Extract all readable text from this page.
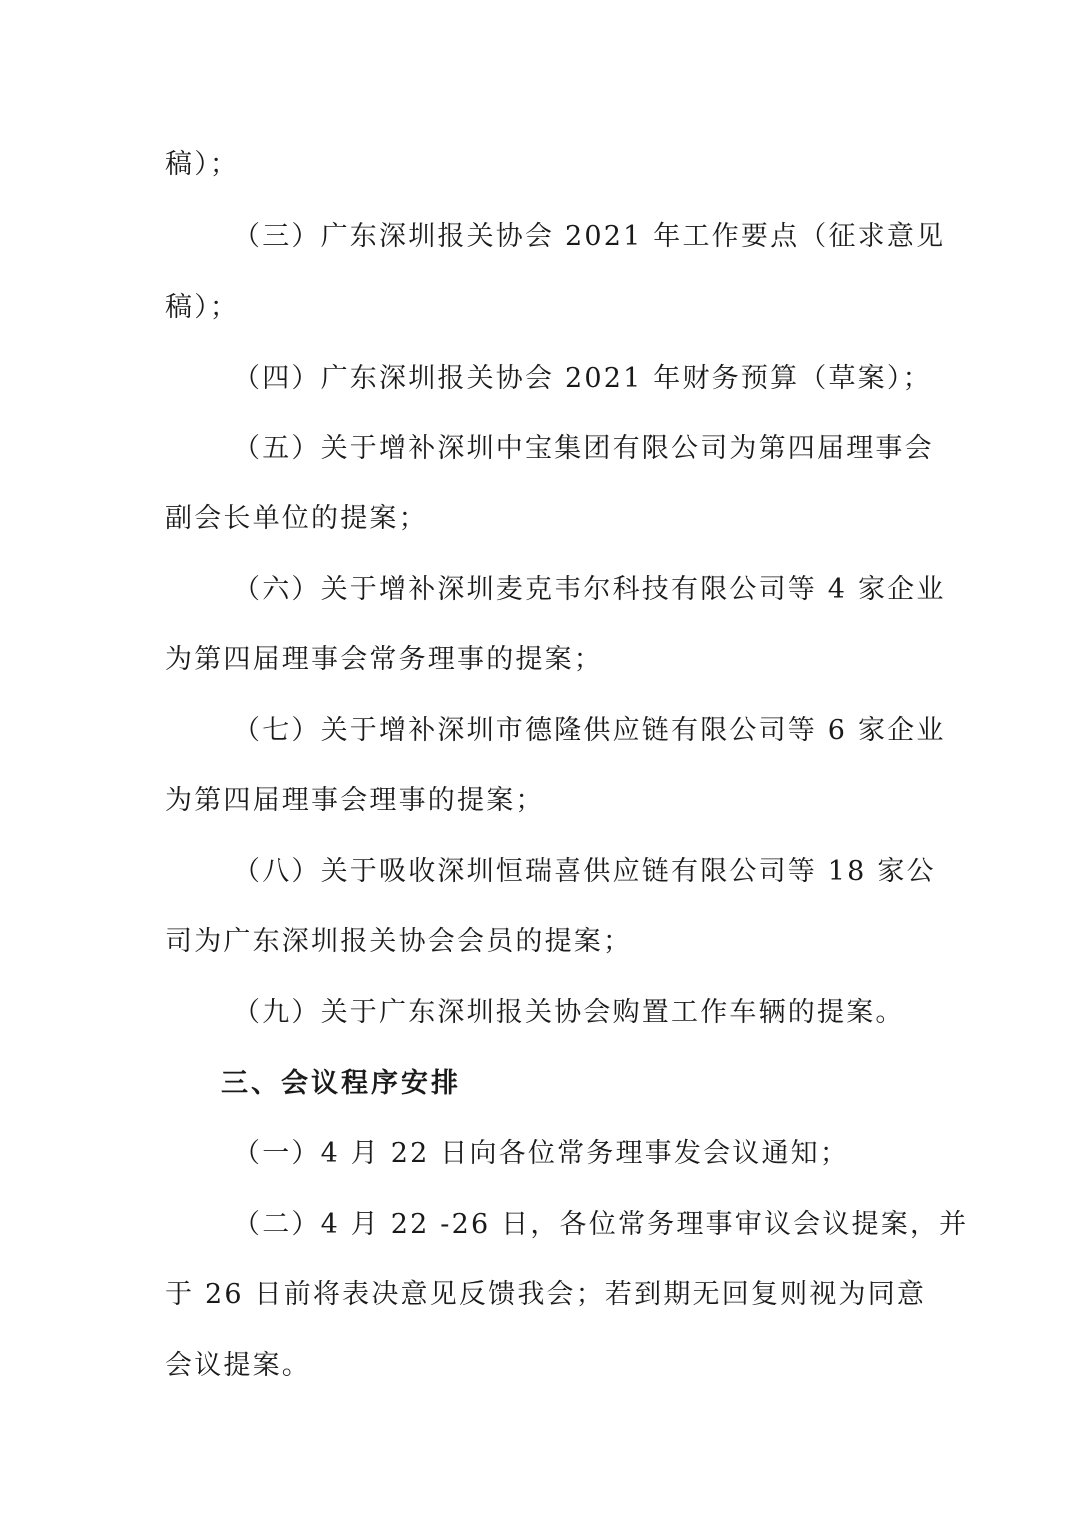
稿）；

（三）广东深圳报关协会 2021 年工作要点（征求意见

稿）；

（四）广东深圳报关协会 2021 年财务预算（草案）；

（五）关于增补深圳中宝集团有限公司为第四届理事会

副会长单位的提案；

（六）关于增补深圳麦克韦尔科技有限公司等 4 家企业

为第四届理事会常务理事的提案；

（七）关于增补深圳市德隆供应链有限公司等 6 家企业

为第四届理事会理事的提案；

（八）关于吸收深圳恒瑞喜供应链有限公司等 18 家公

司为广东深圳报关协会会员的提案；

（九）关于广东深圳报关协会购置工作车辆的提案。

三、会议程序安排

（一）4 月 22 日向各位常务理事发会议通知；

（二）4 月 22 -26 日，各位常务理事审议会议提案，并

于 26 日前将表决意见反馈我会；若到期无回复则视为同意

会议提案。
